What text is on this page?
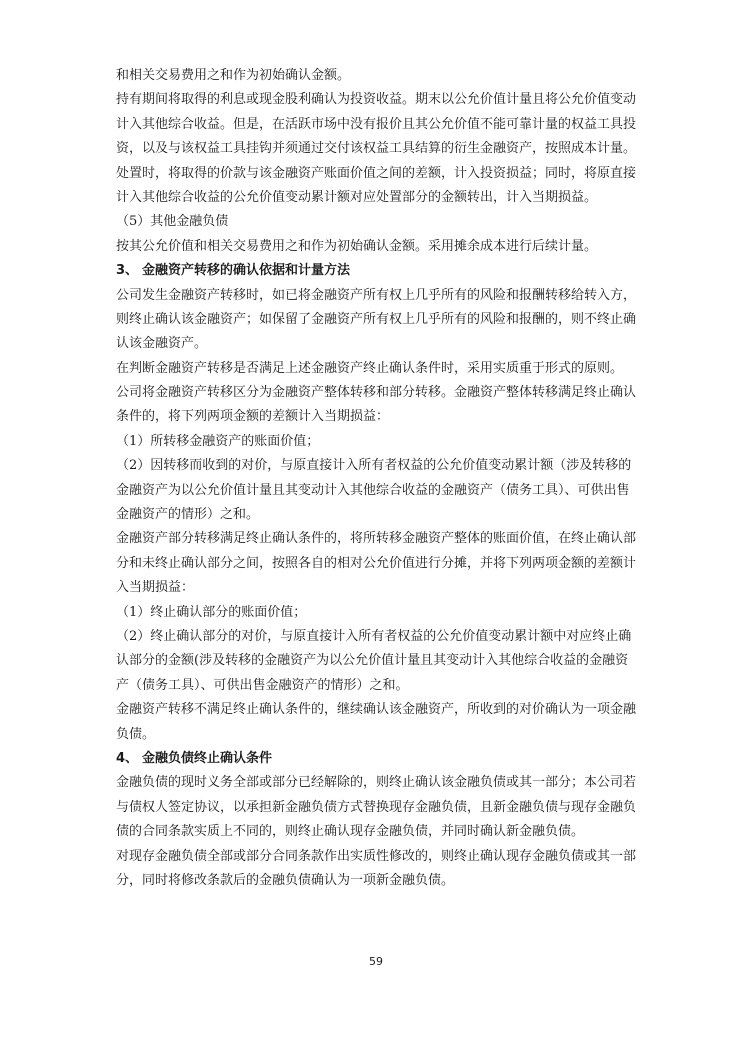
和相关交易费用之和作为初始确认金额。
持有期间将取得的利息或现金股利确认为投资收益。期末以公允价值计量且将公允价值变动
计入其他综合收益。但是，在活跃市场中没有报价且其公允价值不能可靠计量的权益工具投
资，以及与该权益工具挂钩并须通过交付该权益工具结算的衍生金融资产，按照成本计量。
处置时，将取得的价款与该金融资产账面价值之间的差额，计入投资损益；同时，将原直接
计入其他综合收益的公允价值变动累计额对应处置部分的金额转出，计入当期损益。
（5）其他金融负债
按其公允价值和相关交易费用之和作为初始确认金额。采用摊余成本进行后续计量。
3、 金融资产转移的确认依据和计量方法
公司发生金融资产转移时，如已将金融资产所有权上几乎所有的风险和报酬转移给转入方，
则终止确认该金融资产；如保留了金融资产所有权上几乎所有的风险和报酬的，则不终止确
认该金融资产。
在判断金融资产转移是否满足上述金融资产终止确认条件时，采用实质重于形式的原则。
公司将金融资产转移区分为金融资产整体转移和部分转移。金融资产整体转移满足终止确认
条件的，将下列两项金额的差额计入当期损益：
（1）所转移金融资产的账面价值；
（2）因转移而收到的对价，与原直接计入所有者权益的公允价值变动累计额（涉及转移的
金融资产为以公允价值计量且其变动计入其他综合收益的金融资产（债务工具）、可供出售
金融资产的情形）之和。
金融资产部分转移满足终止确认条件的，将所转移金融资产整体的账面价值，在终止确认部
分和未终止确认部分之间，按照各自的相对公允价值进行分摊，并将下列两项金额的差额计
入当期损益：
（1）终止确认部分的账面价值；
（2）终止确认部分的对价，与原直接计入所有者权益的公允价值变动累计额中对应终止确
认部分的金额(涉及转移的金融资产为以公允价值计量且其变动计入其他综合收益的金融资
产（债务工具）、可供出售金融资产的情形）之和。
金融资产转移不满足终止确认条件的，继续确认该金融资产，所收到的对价确认为一项金融
负债。
4、 金融负债终止确认条件
金融负债的现时义务全部或部分已经解除的，则终止确认该金融负债或其一部分；本公司若
与债权人签定协议，以承担新金融负债方式替换现存金融负债，且新金融负债与现存金融负
债的合同条款实质上不同的，则终止确认现存金融负债，并同时确认新金融负债。
对现存金融负债全部或部分合同条款作出实质性修改的，则终止确认现存金融负债或其一部
分，同时将修改条款后的金融负债确认为一项新金融负债。
59
